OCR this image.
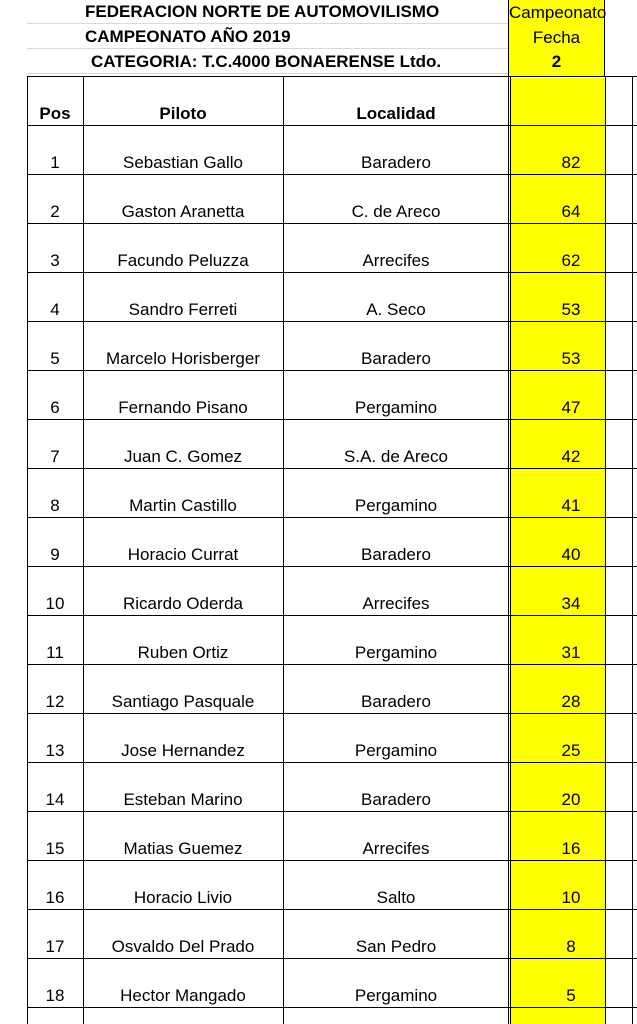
FEDERACION NORTE DE AUTOMOVILISMO
CAMPEONATO AÑO 2019
CATEGORIA: T.C.4000 BONAERENSE Ltdo.
Campeonato
Fecha
2
Pos	Piloto	Localidad
1	Sebastian Gallo	Baradero	82
2	Gaston Aranetta	C. de Areco	64
3	Facundo Peluzza	Arrecifes	62
4	Sandro Ferreti	A. Seco	53
5	Marcelo Horisberger	Baradero	53
6	Fernando Pisano	Pergamino	47
7	Juan C. Gomez	S.A. de Areco	42
8	Martin Castillo	Pergamino	41
9	Horacio Currat	Baradero	40
10	Ricardo Oderda	Arrecifes	34
11	Ruben Ortiz	Pergamino	31
12	Santiago Pasquale	Baradero	28
13	Jose Hernandez	Pergamino	25
14	Esteban Marino	Baradero	20
15	Matias Guemez	Arrecifes	16
16	Horacio Livio	Salto	10
17	Osvaldo Del Prado	San Pedro	8
18	Hector Mangado	Pergamino	5
